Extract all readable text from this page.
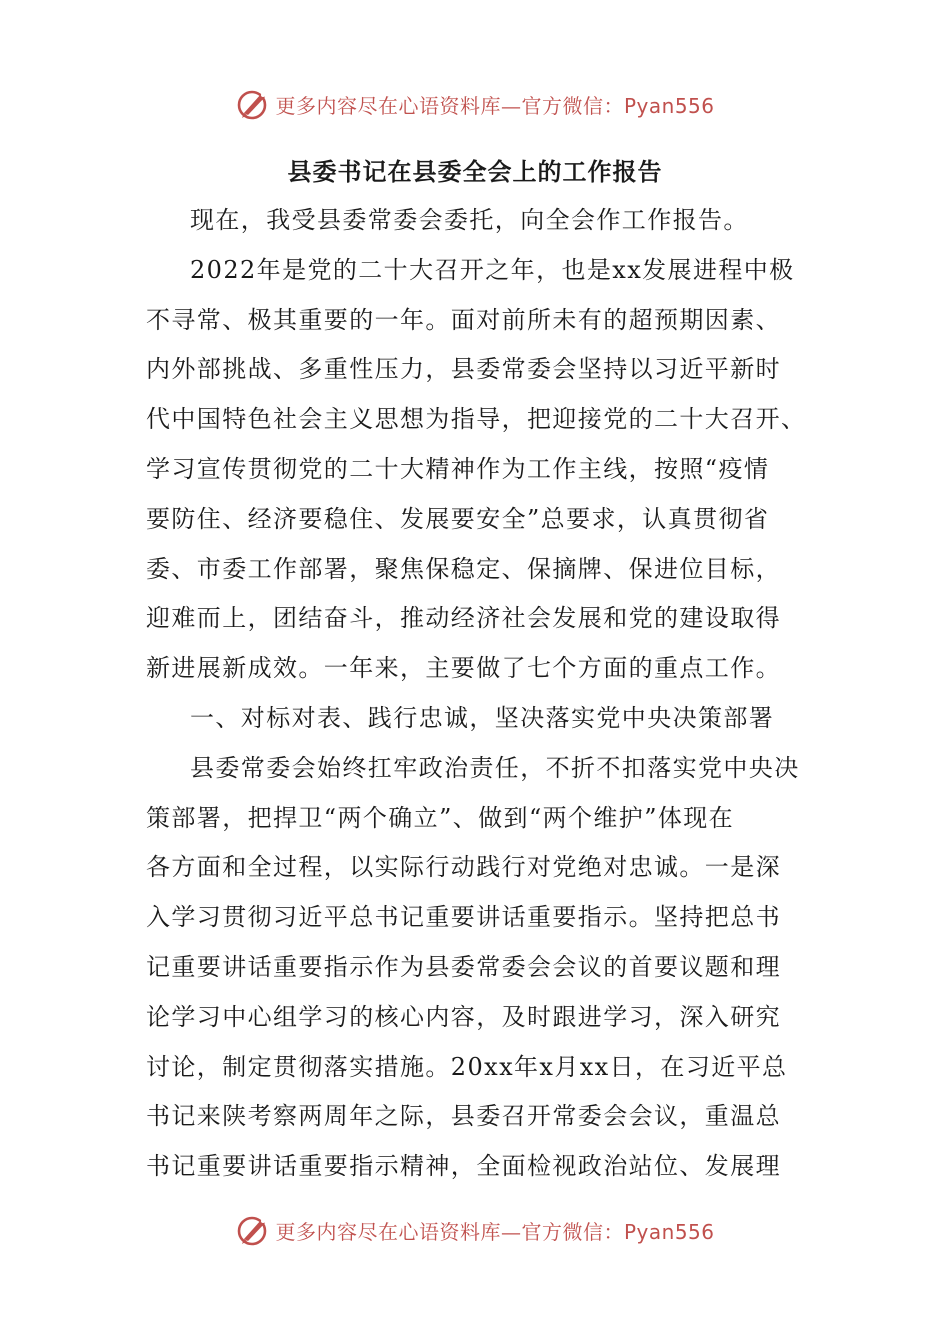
更多内容尽在心语资料库—官方微信：Pyan556
县委书记在县委全会上的工作报告
现在，我受县委常委会委托，向全会作工作报告。
2022年是党的二十大召开之年，也是xx发展进程中极
不寻常、极其重要的一年。面对前所未有的超预期因素、
内外部挑战、多重性压力，县委常委会坚持以习近平新时
代中国特色社会主义思想为指导，把迎接党的二十大召开、
学习宣传贯彻党的二十大精神作为工作主线，按照“疫情
要防住、经济要稳住、发展要安全”总要求，认真贯彻省
委、市委工作部署，聚焦保稳定、保摘牌、保进位目标，
迎难而上，团结奋斗，推动经济社会发展和党的建设取得
新进展新成效。一年来，主要做了七个方面的重点工作。
一、对标对表、践行忠诚，坚决落实党中央决策部署
县委常委会始终扛牢政治责任，不折不扣落实党中央决
策部署，把捍卫“两个确立”、做到“两个维护”体现在
各方面和全过程，以实际行动践行对党绝对忠诚。一是深
入学习贯彻习近平总书记重要讲话重要指示。坚持把总书
记重要讲话重要指示作为县委常委会会议的首要议题和理
论学习中心组学习的核心内容，及时跟进学习，深入研究
讨论，制定贯彻落实措施。20xx年x月xx日，在习近平总
书记来陕考察两周年之际，县委召开常委会会议，重温总
书记重要讲话重要指示精神，全面检视政治站位、发展理
更多内容尽在心语资料库—官方微信：Pyan556
